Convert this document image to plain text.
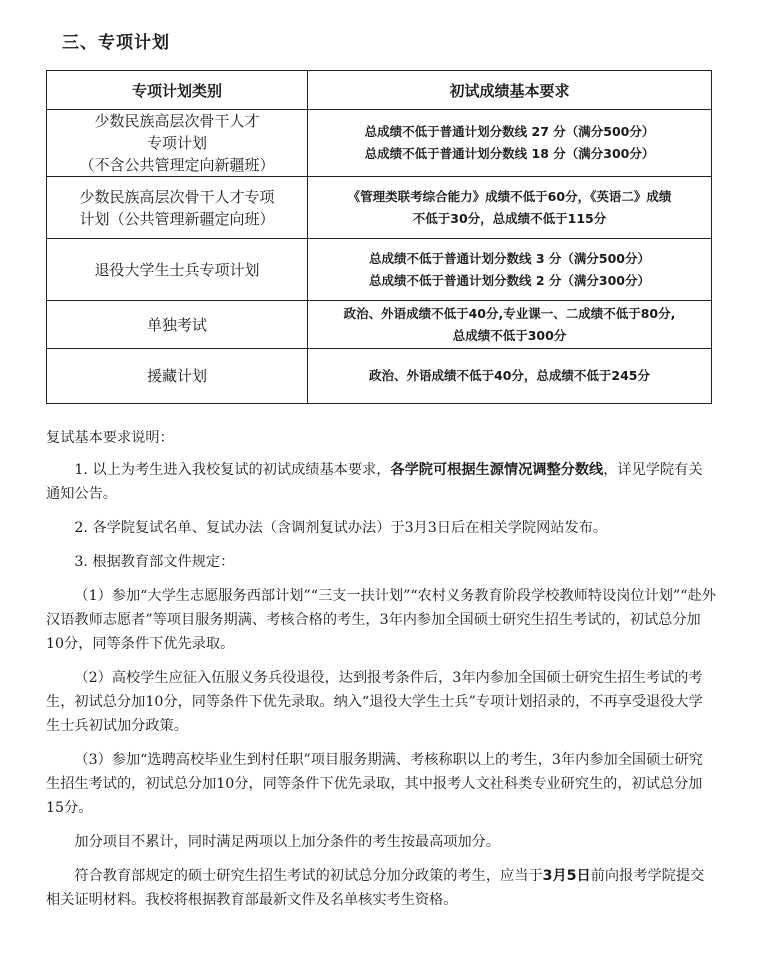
三、专项计划
专项计划类别	初试成绩基本要求

少数民族高层次骨干人才
专项计划
（不含公共管理定向新疆班）	总成绩不低于普通计划分数线 27 分（满分500分）
总成绩不低于普通计划分数线 18 分（满分300分）

少数民族高层次骨干人才专项
计划（公共管理新疆定向班）	《管理类联考综合能力》成绩不低于60分，《英语二》成绩
不低于30分，总成绩不低于115分

退役大学生士兵专项计划	总成绩不低于普通计划分数线 3 分（满分500分）
总成绩不低于普通计划分数线 2 分（满分300分）

单独考试	政治、外语成绩不低于40分,专业课一、二成绩不低于80分,
总成绩不低于300分

援藏计划	政治、外语成绩不低于40分，总成绩不低于245分

复试基本要求说明：

1. 以上为考生进入我校复试的初试成绩基本要求，各学院可根据生源情况调整分数线，详见学院有关通知公告。

2. 各学院复试名单、复试办法（含调剂复试办法）于3月3日后在相关学院网站发布。

3. 根据教育部文件规定：

（1）参加“大学生志愿服务西部计划”“三支一扶计划”“农村义务教育阶段学校教师特设岗位计划”“赴外汉语教师志愿者”等项目服务期满、考核合格的考生，3年内参加全国硕士研究生招生考试的，初试总分加10分，同等条件下优先录取。

（2）高校学生应征入伍服义务兵役退役，达到报考条件后，3年内参加全国硕士研究生招生考试的考生，初试总分加10分，同等条件下优先录取。纳入“退役大学生士兵”专项计划招录的，不再享受退役大学生士兵初试加分政策。

（3）参加“选聘高校毕业生到村任职”项目服务期满、考核称职以上的考生，3年内参加全国硕士研究生招生考试的，初试总分加10分，同等条件下优先录取，其中报考人文社科类专业研究生的，初试总分加15分。

加分项目不累计，同时满足两项以上加分条件的考生按最高项加分。

符合教育部规定的硕士研究生招生考试的初试总分加分政策的考生，应当于3月5日前向报考学院提交相关证明材料。我校将根据教育部最新文件及名单核实考生资格。
